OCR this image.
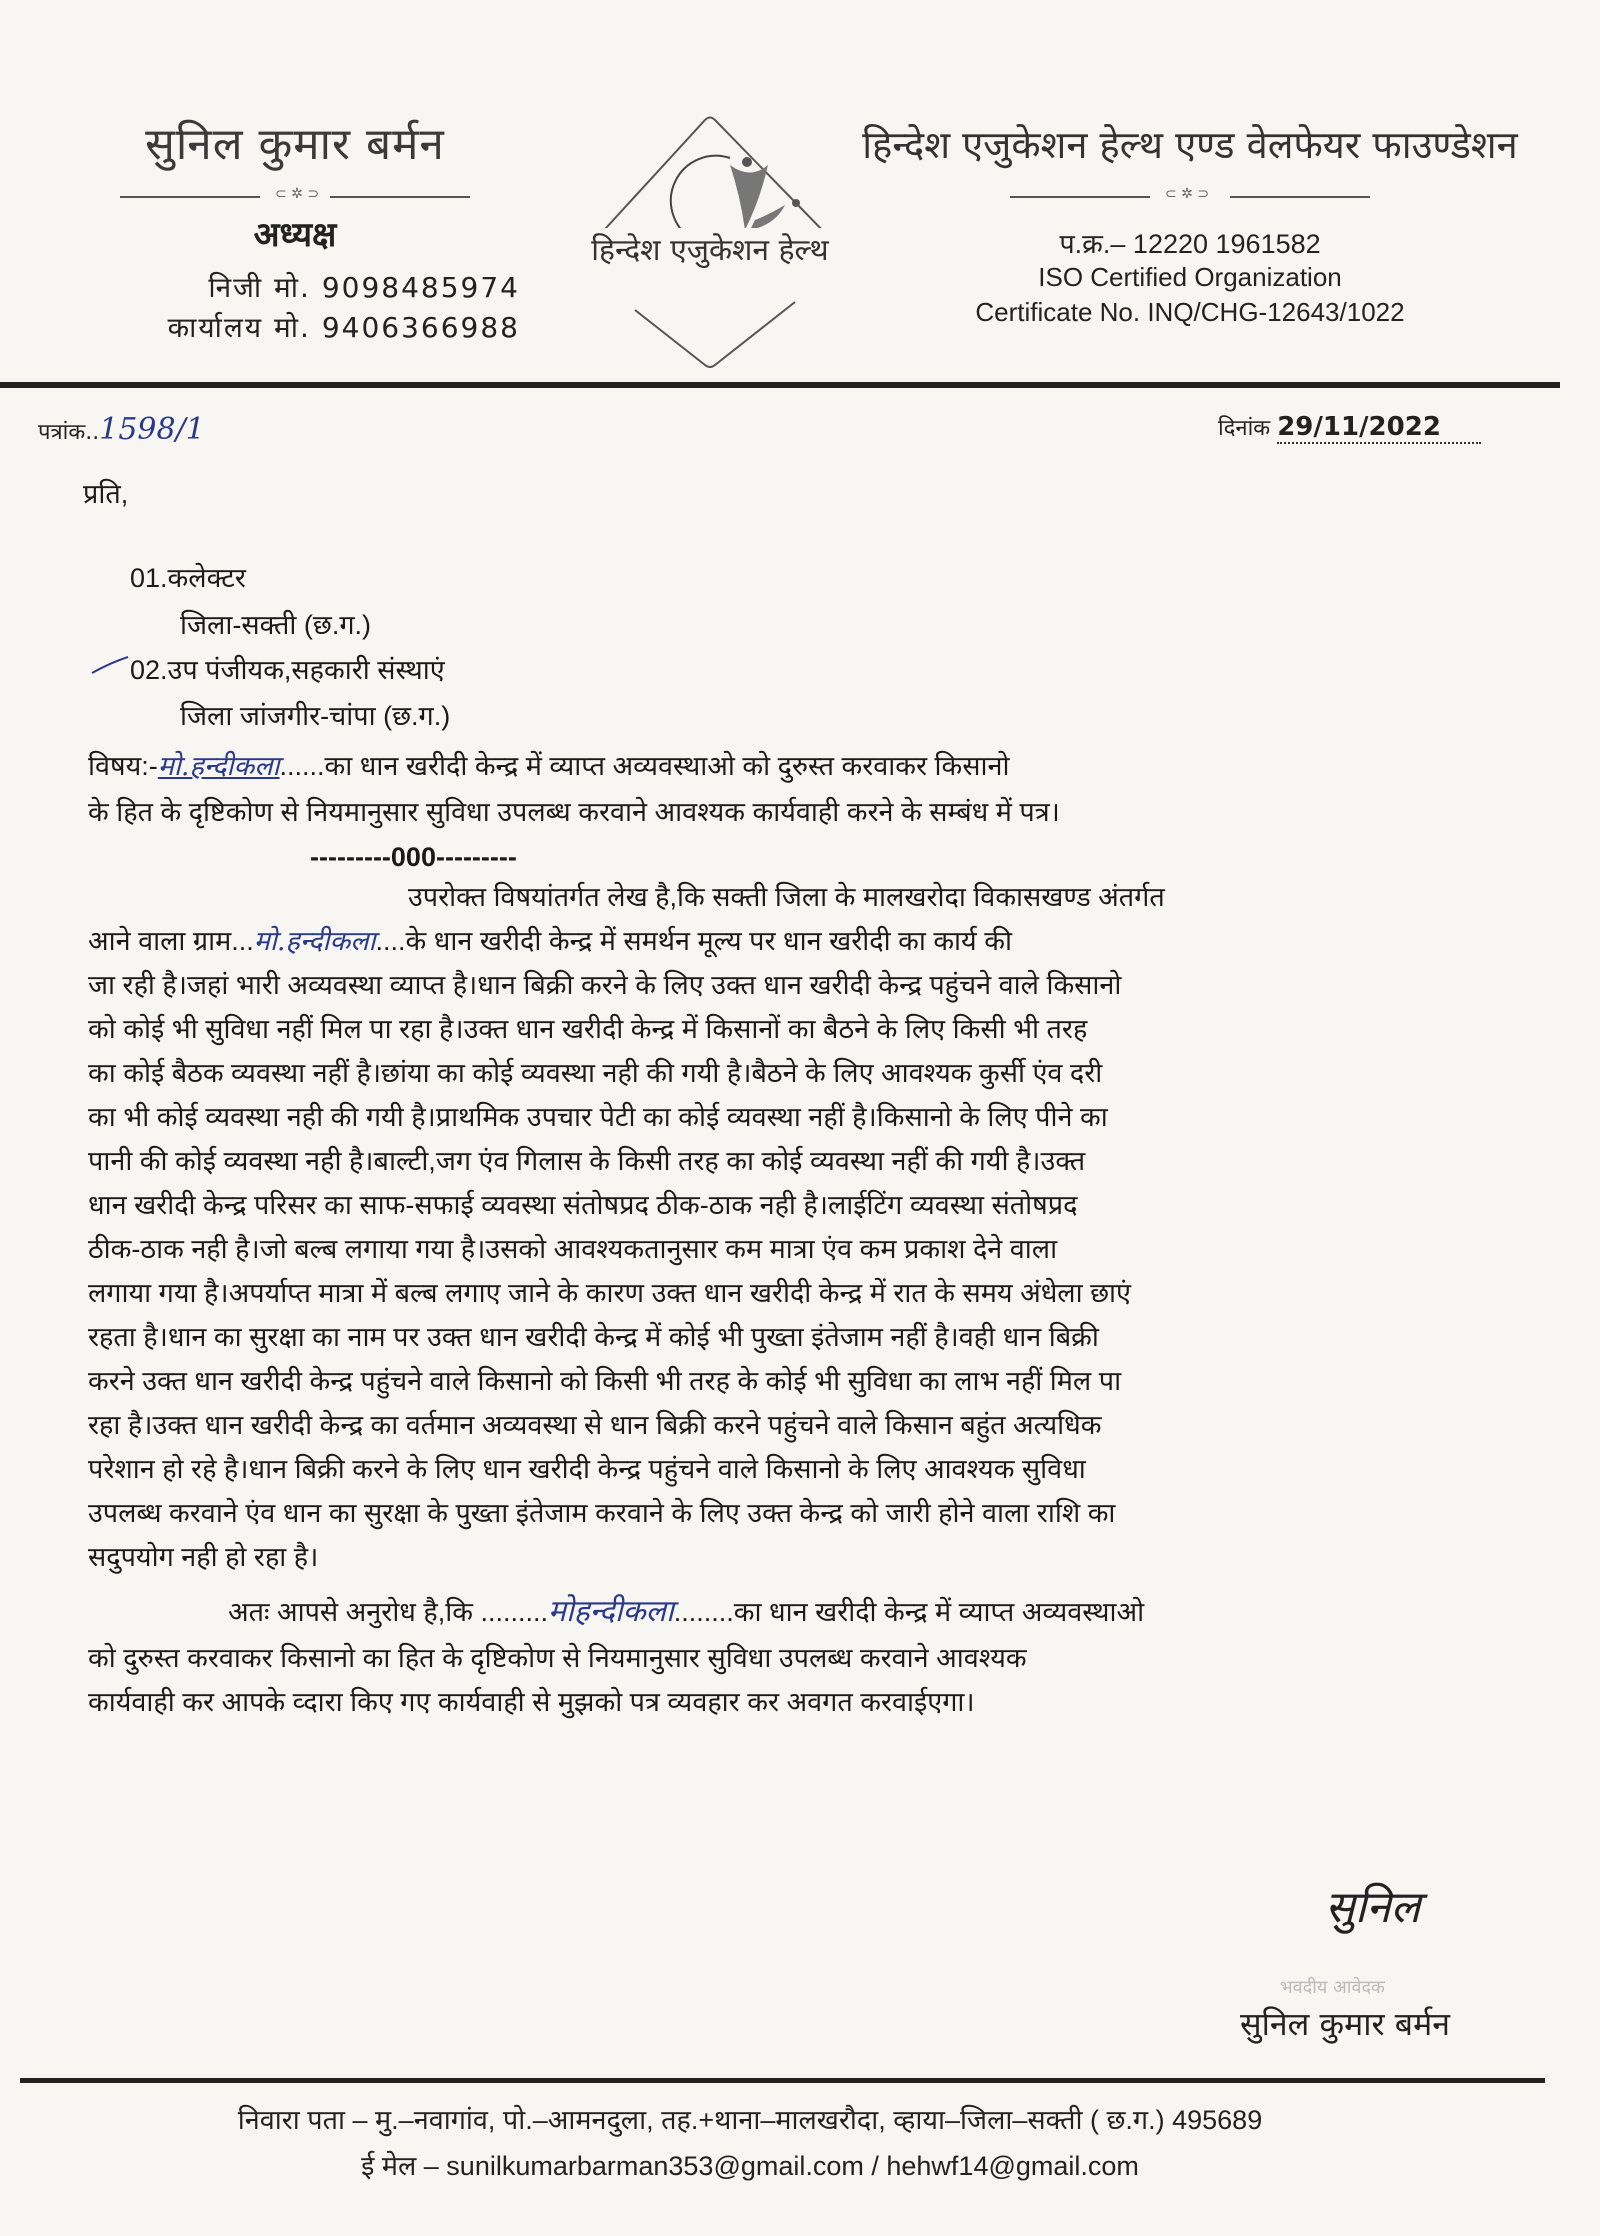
सुनिल कुमार बर्मन
⊂ ✲ ⊃
अध्यक्ष
निजी मो. 9098485974
कार्यालय मो. 9406366988
हिन्देश एजुकेशन हेल्थ
हिन्देश एजुकेशन हेल्थ एण्ड वेलफेयर फाउण्डेशन
⊂ ✲ ⊃
प.क्र.– 12220 1961582
ISO Certified Organization
Certificate No. INQ/CHG-12643/1022
पत्रांक..1598/1	दिनांक 29/11/2022
प्रति,
01.कलेक्टर
जिला-सक्ती (छ.ग.)
02.उप पंजीयक,सहकारी संस्थाएं
जिला जांजगीर-चांपा (छ.ग.)
विषय:-मो.हन्दीकला......का धान खरीदी केन्द्र में व्याप्त अव्यवस्थाओ को दुरुस्त करवाकर किसानो
के हित के दृष्टिकोण से नियमानुसार सुविधा उपलब्ध करवाने आवश्यक कार्यवाही करने के सम्बंध में पत्र।
---------000---------
उपरोक्त विषयांतर्गत लेख है,कि सक्ती जिला के मालखरोदा विकासखण्ड अंतर्गत
आने वाला ग्राम...मो.हन्दीकला....के धान खरीदी केन्द्र में समर्थन मूल्य पर धान खरीदी का कार्य की
जा रही है।जहां भारी अव्यवस्था व्याप्त है।धान बिक्री करने के लिए उक्त धान खरीदी केन्द्र पहुंचने वाले किसानो
को कोई भी सुविधा नहीं मिल पा रहा है।उक्त धान खरीदी केन्द्र में किसानों का बैठने के लिए किसी भी तरह
का कोई बैठक व्यवस्था नहीं है।छांया का कोई व्यवस्था नही की गयी है।बैठने के लिए आवश्यक कुर्सी एंव दरी
का भी कोई व्यवस्था नही की गयी है।प्राथमिक उपचार पेटी का कोई व्यवस्था नहीं है।किसानो के लिए पीने का
पानी की कोई व्यवस्था नही है।बाल्टी,जग एंव गिलास के किसी तरह का कोई व्यवस्था नहीं की गयी है।उक्त
धान खरीदी केन्द्र परिसर का साफ-सफाई व्यवस्था संतोषप्रद ठीक-ठाक नही है।लाईटिंग व्यवस्था संतोषप्रद
ठीक-ठाक नही है।जो बल्ब लगाया गया है।उसको आवश्यकतानुसार कम मात्रा एंव कम प्रकाश देने वाला
लगाया गया है।अपर्याप्त मात्रा में बल्ब लगाए जाने के कारण उक्त धान खरीदी केन्द्र में रात के समय अंधेला छाएं
रहता है।धान का सुरक्षा का नाम पर उक्त धान खरीदी केन्द्र में कोई भी पुख्ता इंतेजाम नहीं है।वही धान बिक्री
करने उक्त धान खरीदी केन्द्र पहुंचने वाले किसानो को किसी भी तरह के कोई भी सुविधा का लाभ नहीं मिल पा
रहा है।उक्त धान खरीदी केन्द्र का वर्तमान अव्यवस्था से धान बिक्री करने पहुंचने वाले किसान बहुंत अत्यधिक
परेशान हो रहे है।धान बिक्री करने के लिए धान खरीदी केन्द्र पहुंचने वाले किसानो के लिए आवश्यक सुविधा
उपलब्ध करवाने एंव धान का सुरक्षा के पुख्ता इंतेजाम करवाने के लिए उक्त केन्द्र को जारी होने वाला राशि का
सदुपयोग नही हो रहा है।
अतः आपसे अनुरोध है,कि .........मोहन्दीकला........का धान खरीदी केन्द्र में व्याप्त अव्यवस्थाओ
को दुरुस्त करवाकर किसानो का हित के दृष्टिकोण से नियमानुसार सुविधा उपलब्ध करवाने आवश्यक
कार्यवाही कर आपके व्दारा किए गए कार्यवाही से मुझको पत्र व्यवहार कर अवगत करवाईएगा।
सुनिल
भवदीय आवेदक
सुनिल कुमार बर्मन
निवारा पता – मु.–नवागांव, पो.–आमनदुला, तह.+थाना–मालखरौदा, व्हाया–जिला–सक्ती ( छ.ग.) 495689
ई मेल – sunilkumarbarman353@gmail.com / hehwf14@gmail.com
